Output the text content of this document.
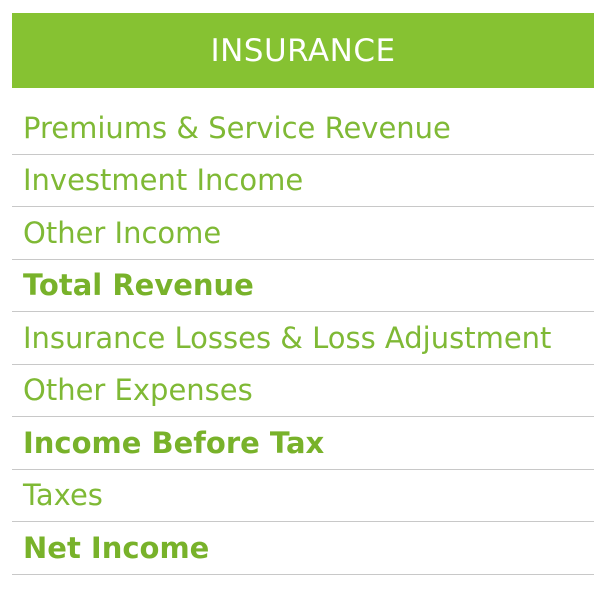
INSURANCE
Premiums & Service Revenue
Investment Income
Other Income
Total Revenue
Insurance Losses & Loss Adjustment
Other Expenses
Income Before Tax
Taxes
Net Income
